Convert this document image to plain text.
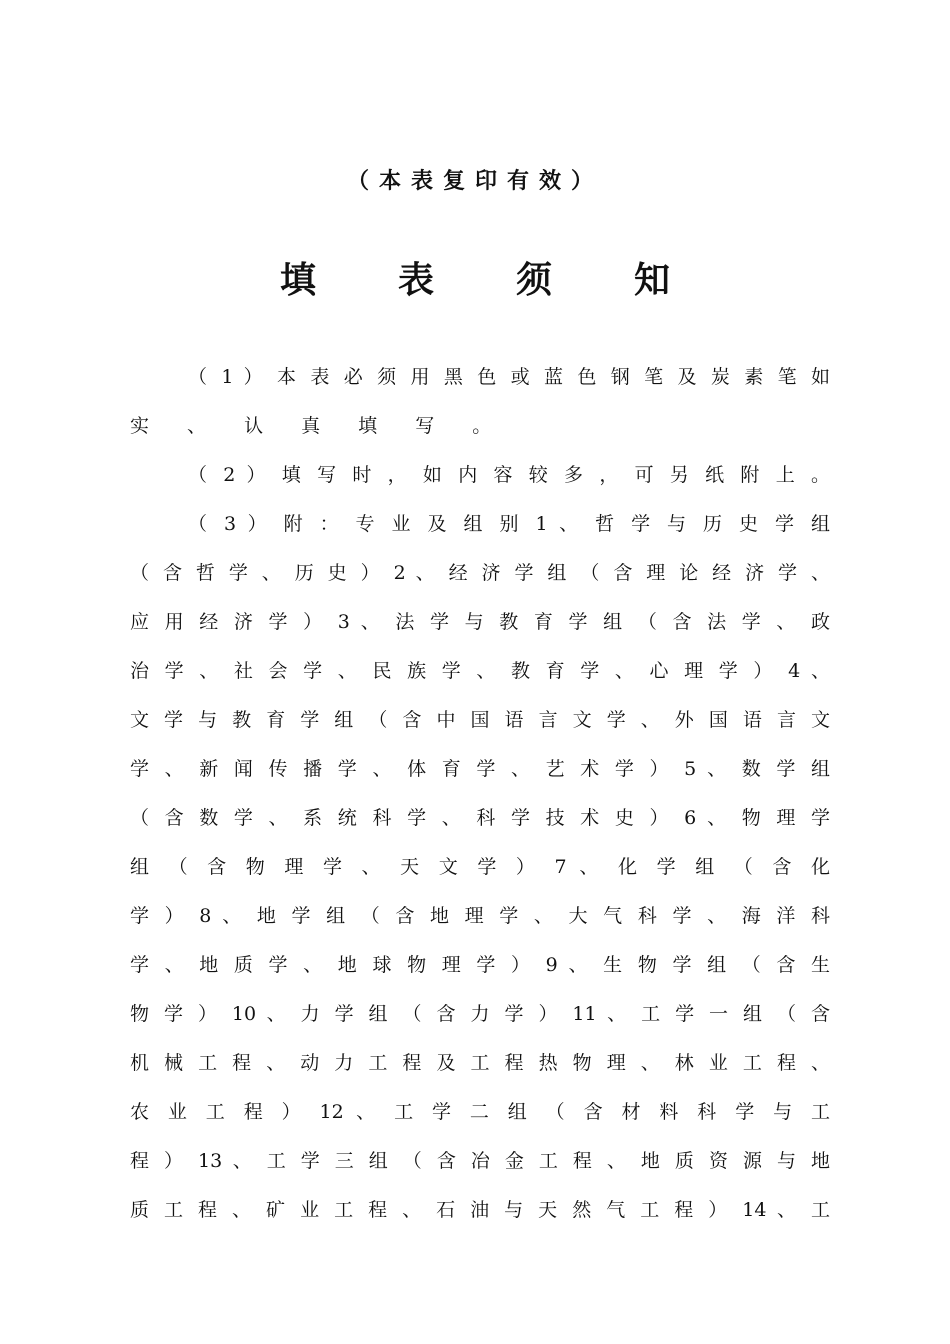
（本表复印有效）
填表须知
（ 1 ） 本 表 必 须 用 黑 色 或 蓝 色 钢 笔 及 炭 素 笔 如
实 、 认 真 填 写 。
（ 2 ） 填 写 时 ， 如 内 容 较 多 ， 可 另 纸 附 上 。
（ 3 ） 附 ： 专 业 及 组 别 1 、 哲 学 与 历 史 学 组
（ 含 哲 学 、 历 史 ） 2 、 经 济 学 组 （ 含 理 论 经 济 学 、
应 用 经 济 学 ） 3 、 法 学 与 教 育 学 组 （ 含 法 学 、 政
治 学 、 社 会 学 、 民 族 学 、 教 育 学 、 心 理 学 ） 4 、
文 学 与 教 育 学 组 （ 含 中 国 语 言 文 学 、 外 国 语 言 文
学 、 新 闻 传 播 学 、 体 育 学 、 艺 术 学 ） 5 、 数 学 组
（ 含 数 学 、 系 统 科 学 、 科 学 技 术 史 ） 6 、 物 理 学
组 （ 含 物 理 学 、 天 文 学 ） 7 、 化 学 组 （ 含 化
学 ） 8 、 地 学 组 （ 含 地 理 学 、 大 气 科 学 、 海 洋 科
学 、 地 质 学 、 地 球 物 理 学 ） 9 、 生 物 学 组 （ 含 生
物 学 ） 10 、 力 学 组 （ 含 力 学 ） 11 、 工 学 一 组 （ 含
机 械 工 程 、 动 力 工 程 及 工 程 热 物 理 、 林 业 工 程 、
农 业 工 程 ） 12 、 工 学 二 组 （ 含 材 料 科 学 与 工
程 ） 13 、 工 学 三 组 （ 含 冶 金 工 程 、 地 质 资 源 与 地
质 工 程 、 矿 业 工 程 、 石 油 与 天 然 气 工 程 ） 14 、 工
